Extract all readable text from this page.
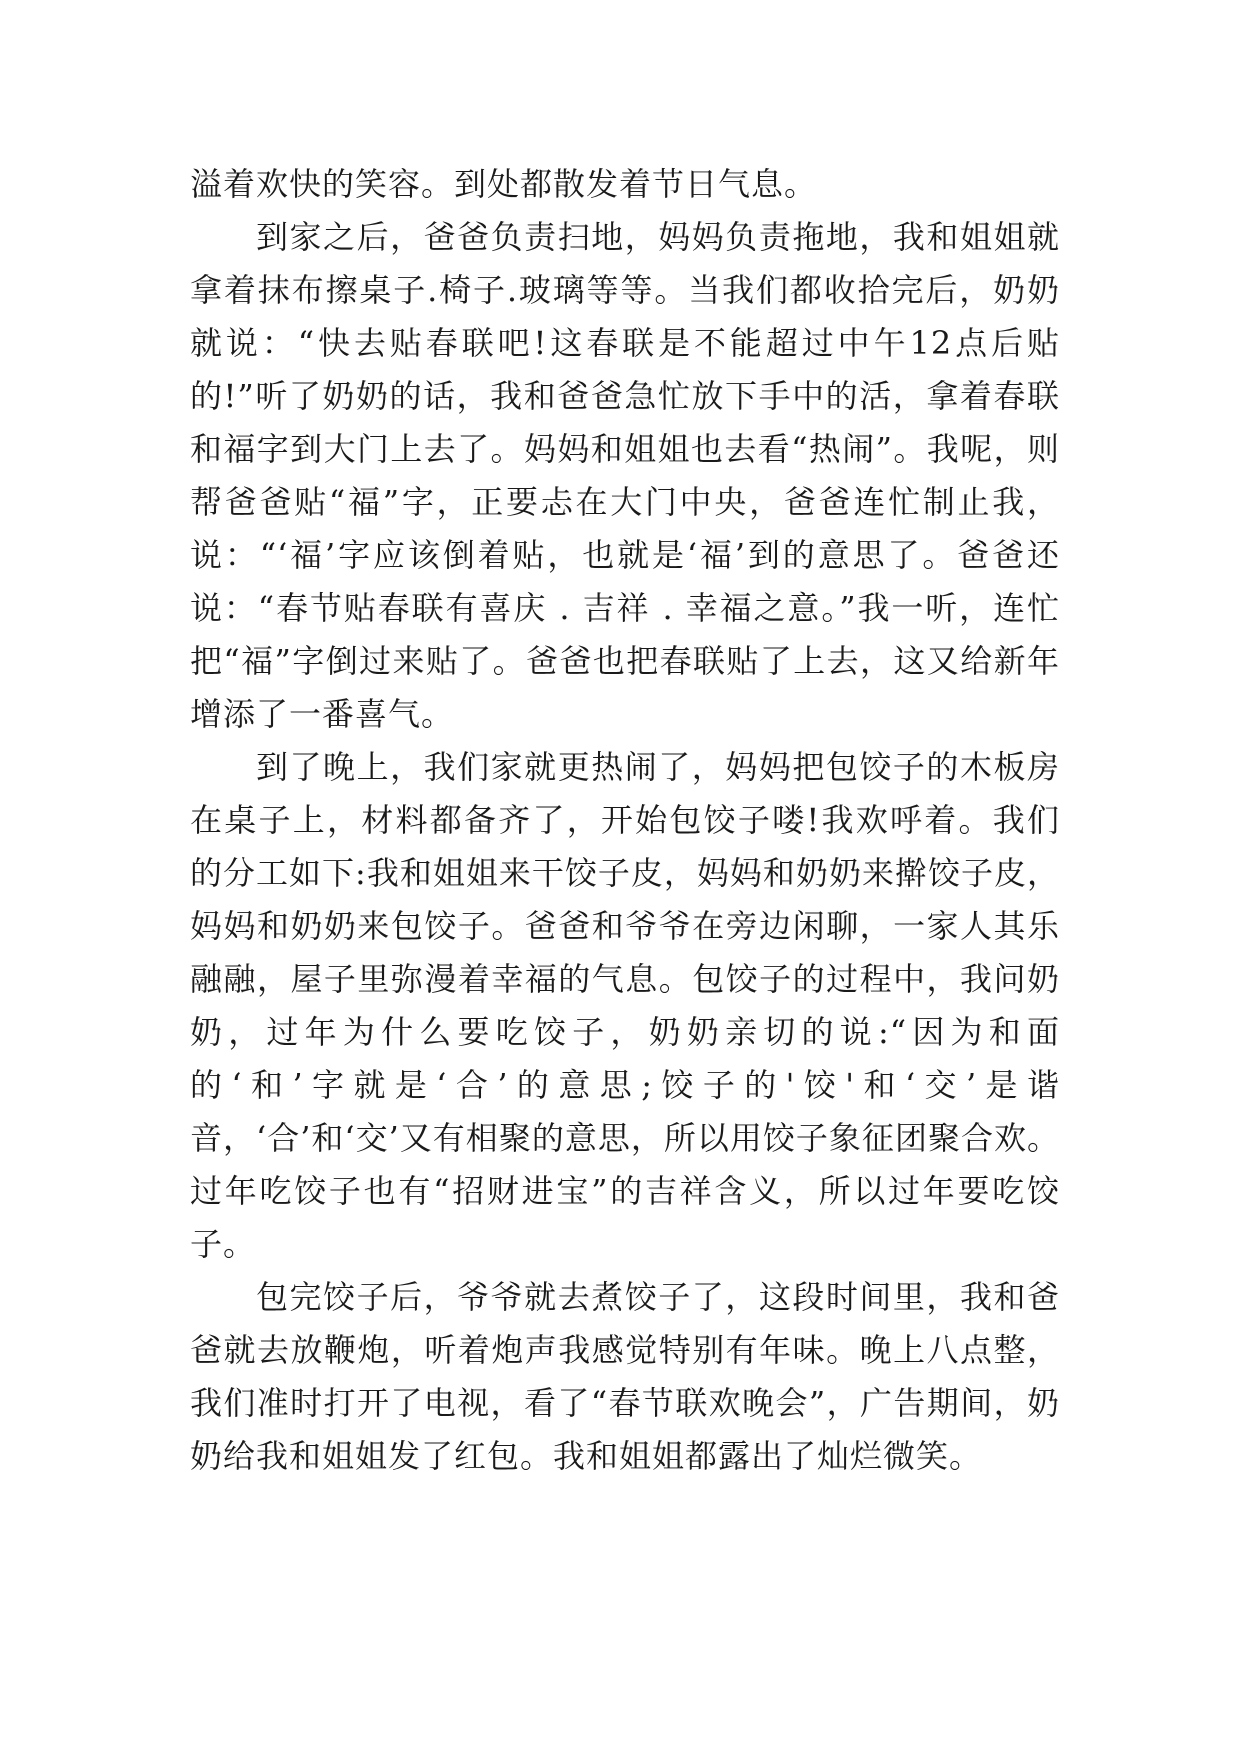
溢着欢快的笑容。到处都散发着节日气息。

到家之后，爸爸负责扫地，妈妈负责拖地，我和姐姐就拿着抹布擦桌子.椅子.玻璃等等。当我们都收拾完后，奶奶就说：“快去贴春联吧!这春联是不能超过中午12点后贴的!”听了奶奶的话，我和爸爸急忙放下手中的活，拿着春联和福字到大门上去了。妈妈和姐姐也去看“热闹”。我呢，则帮爸爸贴“福”字，正要忐在大门中央，爸爸连忙制止我，说：“‘福’字应该倒着贴，也就是‘福’到的意思了。爸爸还说：“春节贴春联有喜庆 . 吉祥 . 幸福之意。”我一听，连忙把“福”字倒过来贴了。爸爸也把春联贴了上去，这又给新年增添了一番喜气。

到了晚上，我们家就更热闹了，妈妈把包饺子的木板房在桌子上，材料都备齐了，开始包饺子喽!我欢呼着。我们的分工如下:我和姐姐来干饺子皮，妈妈和奶奶来擀饺子皮，妈妈和奶奶来包饺子。爸爸和爷爷在旁边闲聊，一家人其乐融融，屋子里弥漫着幸福的气息。包饺子的过程中，我问奶奶，过年为什么要吃饺子，奶奶亲切的说:“因为和面的‘和’字就是‘合’的意思;饺子的'饺'和‘交’是谐音，‘合’和‘交’又有相聚的意思，所以用饺子象征团聚合欢。过年吃饺子也有“招财进宝”的吉祥含义，所以过年要吃饺子。

包完饺子后，爷爷就去煮饺子了，这段时间里，我和爸爸就去放鞭炮，听着炮声我感觉特别有年味。晚上八点整，我们准时打开了电视，看了“春节联欢晚会”，广告期间，奶奶给我和姐姐发了红包。我和姐姐都露出了灿烂微笑。
